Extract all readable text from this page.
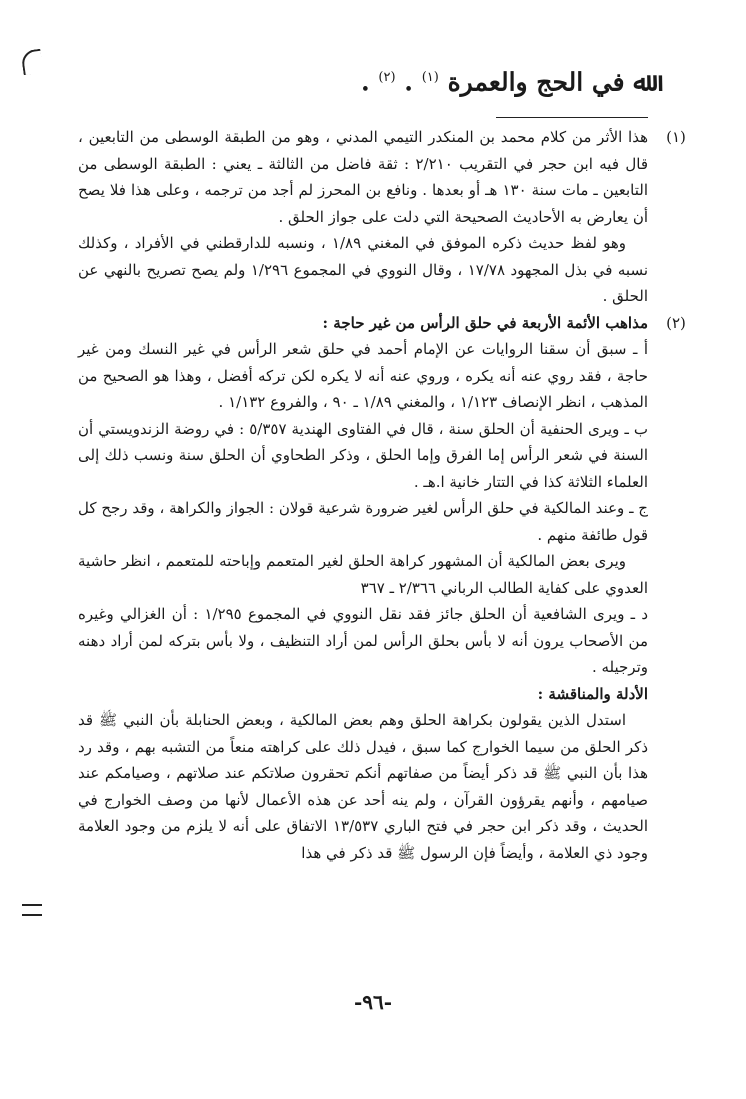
ﷲ في الحج والعمرة $^{(١)}$ . $^{(٢)}$ .
(١)

هذا الأثر من كلام محمد بن المنكدر التيمي المدني ، وهو من الطبقة الوسطى من التابعين ، قال فيه ابن حجر في التقريب ٢/٢١٠ : ثقة فاضل من الثالثة ـ يعني : الطبقة الوسطى من التابعين ـ مات سنة ١٣٠ هـ أو بعدها . ونافع بن المحرز لم أجد من ترجمه ، وعلى هذا فلا يصح أن يعارض به الأحاديث الصحيحة التي دلت على جواز الحلق .

وهو لفظ حديث ذكره الموفق في المغني ١/٨٩ ، ونسبه للدارقطني في الأفراد ، وكذلك نسبه في بذل المجهود ١٧/٧٨ ، وقال النووي في المجموع ١/٢٩٦ ولم يصح تصريح بالنهي عن الحلق .

(٢)

مذاهب الأئمة الأربعة في حلق الرأس من غير حاجة :

أ ـ سبق أن سقنا الروايات عن الإمام أحمد في حلق شعر الرأس في غير النسك ومن غير حاجة ، فقد روي عنه أنه يكره ، وروي عنه أنه لا يكره لكن تركه أفضل ، وهذا هو الصحيح من المذهب ، انظر الإنصاف ١/١٢٣ ، والمغني ١/٨٩ ـ ٩٠ ، والفروع ١/١٣٢ .

ب ـ ويرى الحنفية أن الحلق سنة ، قال في الفتاوى الهندية ٥/٣٥٧ : في روضة الزندويستي أن السنة في شعر الرأس إما الفرق وإما الحلق ، وذكر الطحاوي أن الحلق سنة ونسب ذلك إلى العلماء الثلاثة كذا في التتار خانية ا.هـ .

ج ـ وعند المالكية في حلق الرأس لغير ضرورة شرعية قولان : الجواز والكراهة ، وقد رجح كل قول طائفة منهم .

ويرى بعض المالكية أن المشهور كراهة الحلق لغير المتعمم وإباحته للمتعمم ، انظر حاشية العدوي على كفاية الطالب الرباني ٢/٣٦٦ ـ ٣٦٧

د ـ ويرى الشافعية أن الحلق جائز فقد نقل النووي في المجموع ١/٢٩٥ : أن الغزالي وغيره من الأصحاب يرون أنه لا بأس بحلق الرأس لمن أراد التنظيف ، ولا بأس بتركه لمن أراد دهنه وترجيله .

الأدلة والمناقشة :

استدل الذين يقولون بكراهة الحلق وهم بعض المالكية ، وبعض الحنابلة بأن النبي ﷺ قد ذكر الحلق من سيما الخوارج كما سبق ، فيدل ذلك على كراهته منعاً من التشبه بهم ، وقد رد هذا بأن النبي ﷺ قد ذكر أيضاً من صفاتهم أنكم تحقرون صلاتكم عند صلاتهم ، وصيامكم عند صيامهم ، وأنهم يقرؤون القرآن ، ولم ينه أحد عن هذه الأعمال لأنها من وصف الخوارج في الحديث ، وقد ذكر ابن حجر في فتح الباري ١٣/٥٣٧ الاتفاق على أنه لا يلزم من وجود العلامة وجود ذي العلامة ، وأيضاً فإن الرسول ﷺ قد ذكر في هذا

-٩٦-
